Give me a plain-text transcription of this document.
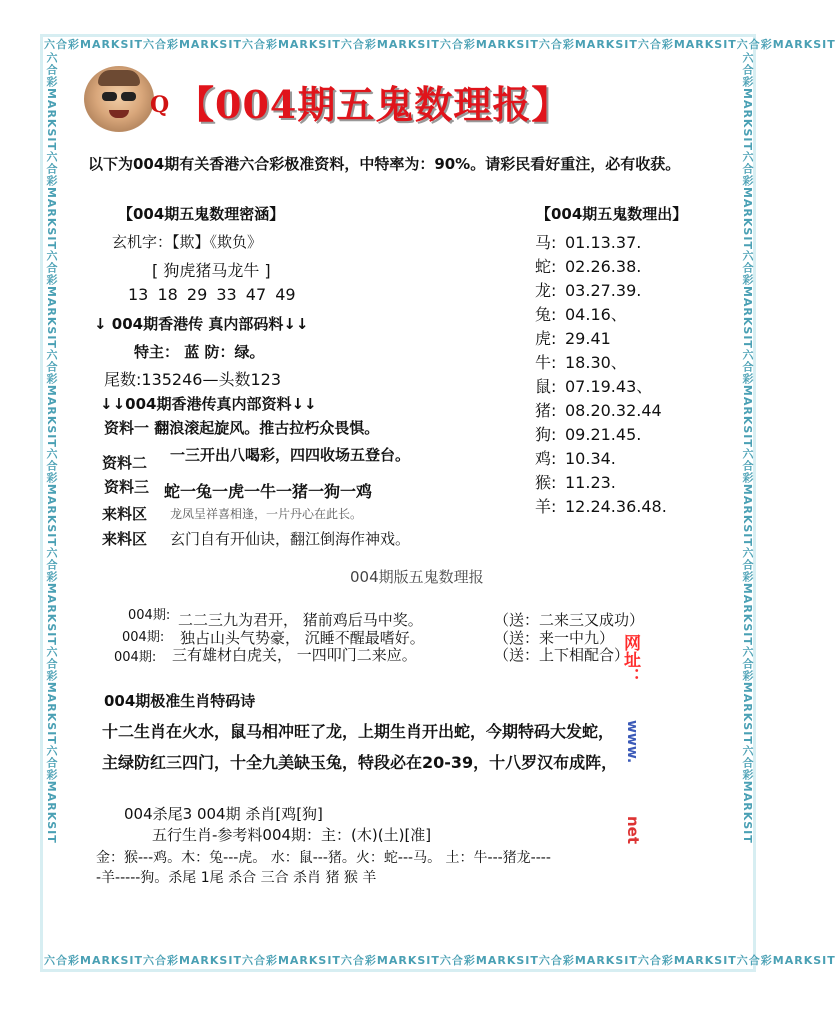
六合彩MARKSIT六合彩MARKSIT六合彩MARKSIT六合彩MARKSIT六合彩MARKSIT六合彩MARKSIT六合彩MARKSIT六合彩MARKSIT
六合彩MARKSIT六合彩MARKSIT六合彩MARKSIT六合彩MARKSIT六合彩MARKSIT六合彩MARKSIT六合彩MARKSIT六合彩MARKSIT
六合彩MARKSIT六合彩MARKSIT六合彩MARKSIT六合彩MARKSIT六合彩MARKSIT六合彩MARKSIT六合彩MARKSIT六合彩MARKSIT	六合彩MARKSIT六合彩MARKSIT六合彩MARKSIT六合彩MARKSIT六合彩MARKSIT六合彩MARKSIT六合彩MARKSIT六合彩MARKSIT
Q 【004期五鬼数理报】
以下为004期有关香港六合彩极准资料，中特率为：90%。请彩民看好重注，必有收获。
【004期五鬼数理密涵】
玄机字：【欺】《欺负》
[ 狗虎猪马龙牛 ]
13 18 29 33 47 49
↓ 004期香港传 真内部码料↓↓
特主： 蓝 防：绿。
尾数:135246—头数123
↓↓004期香港传真内部资料↓↓
资料一 翻浪滚起旋风。推古拉朽众畏惧。
资料二 一三开出八喝彩，四四收场五登台。
资料三 蛇一兔一虎一牛一猪一狗一鸡
来料区 龙凤呈祥喜相逢，一片丹心在此长。
来料区 玄门自有开仙诀，翻江倒海作神戏。
【004期五鬼数理出】
马: 01.13.37.
蛇: 02.26.38.
龙: 03.27.39.
兔: 04.16、
虎: 29.41
牛: 18.30、
鼠: 07.19.43、
猪: 08.20.32.44
狗: 09.21.45.
鸡: 10.34.
猴: 11.23.
羊: 12.24.36.48.
004期版五鬼数理报
004期: 二二三九为君开， 猪前鸡后马中奖。	（送：二来三又成功）
004期: 独占山头气势豪， 沉睡不醒最嗜好。	（送：来一中九）
004期: 三有雄材白虎关， 一四叩门二来应。	（送：上下相配合）
网址：
www.
net
004期极准生肖特码诗
十二生肖在火水，鼠马相冲旺了龙，上期生肖开出蛇，今期特码大发蛇，
主绿防红三四门，十全九美缺玉兔，特段必在20-39，十八罗汉布成阵，
004杀尾3 004期 杀肖[鸡[狗]
五行生肖-参考料004期：主：(木)(土)[准]
金：猴---鸡。木：兔---虎。 水：鼠---猪。火：蛇---马。 土：牛---猪龙----
-羊-----狗。杀尾 1尾 杀合 三合 杀肖 猪 猴 羊
